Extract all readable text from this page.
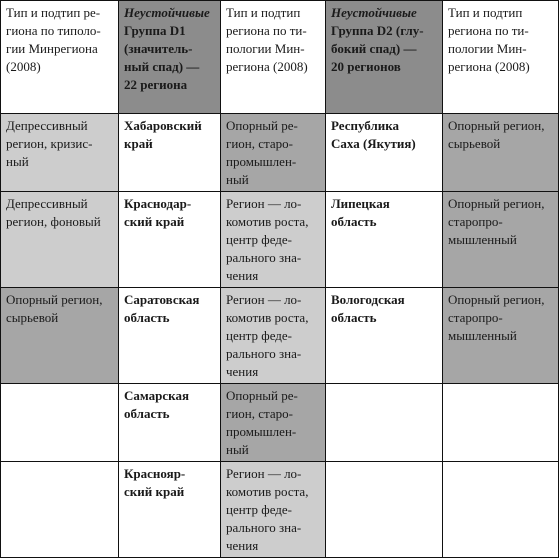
Тип и подтип ре-
гиона по типоло-
гии Минрегиона
(2008)	Неустойчивые
Группа D1
(значитель-
ный спад) —
22 региона	Тип и подтип
региона по ти-
пологии Мин-
региона (2008)	Неустойчивые
Группа D2 (глу-
бокий спад) —
20 регионов	Тип и подтип
региона по ти-
пологии Мин-
региона (2008)

Депрессивный
регион, кризис-
ный	Хабаровский
край	Опорный ре-
гион, старо-
промышлен-
ный	Республика
Саха (Якутия)	Опорный регион, сырьевой

Депрессивный
регион, фоновый	Краснодар-
ский край	Регион — ло-
комотив роста,
центр феде-
рального зна-
чения	Липецкая
область	Опорный регион,
старопро-
мышленный

Опорный регион,
сырьевой	Саратовская
область	Регион — ло-
комотив роста,
центр феде-
рального зна-
чения	Вологодская
область	Опорный регион,
старопро-
мышленный

	Самарская
область	Опорный ре-
гион, старо-
промышлен-
ный		

	Краснояр-
ский край	Регион — ло-
комотив роста,
центр феде-
рального зна-
чения		
